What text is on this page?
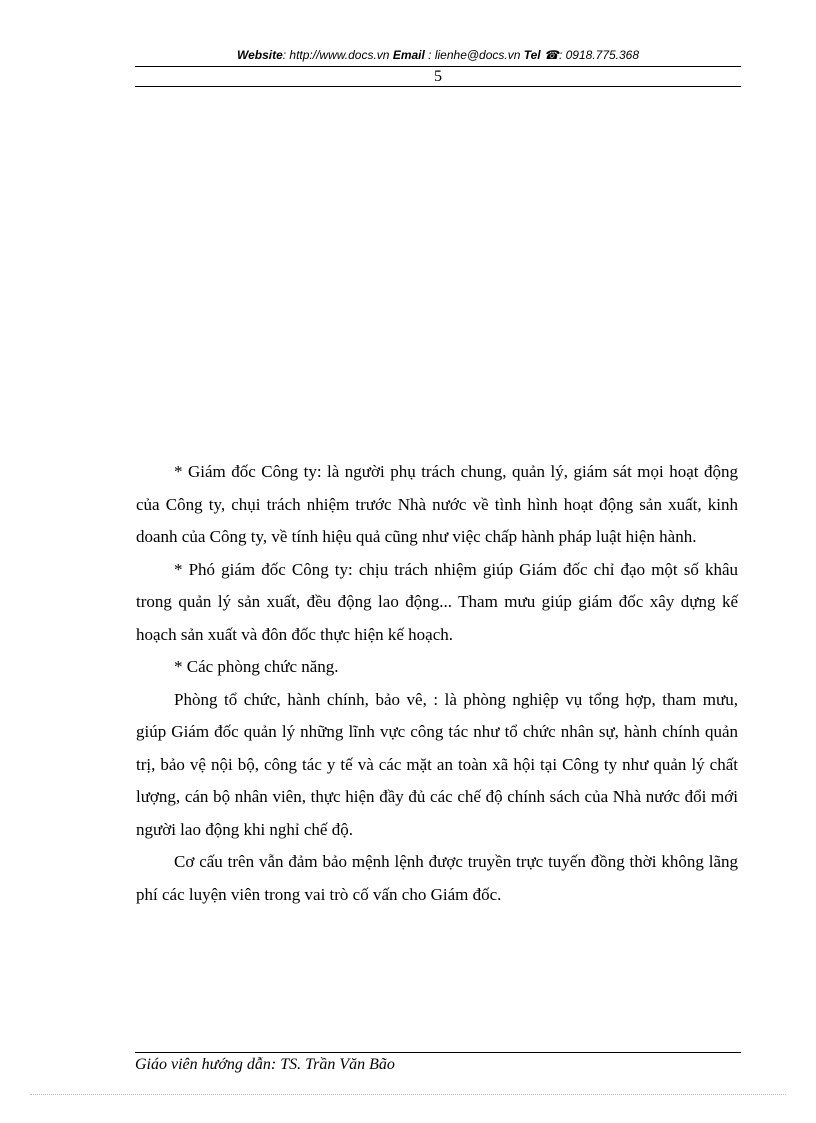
Website: http://www.docs.vn Email : lienhe@docs.vn Tel ☎: 0918.775.368
5

* Giám đốc Công ty: là người phụ trách chung, quản lý, giám sát mọi hoạt động của Công ty, chụi trách nhiệm trước Nhà nước về tình hình hoạt động sản xuất, kinh doanh của Công ty, về tính hiệu quả cũng như việc chấp hành pháp luật hiện hành.

* Phó giám đốc Công ty: chịu trách nhiệm giúp Giám đốc chỉ đạo một số khâu trong quản lý sản xuất, đều động lao động... Tham mưu giúp giám đốc xây dựng kế hoạch sản xuất và đôn đốc thực hiện kế hoạch.

* Các phòng chức năng.

Phòng tổ chức, hành chính, bảo vê, : là phòng nghiệp vụ tổng hợp, tham mưu, giúp Giám đốc quản lý những lĩnh vực công tác như tổ chức nhân sự, hành chính quản trị, bảo vệ nội bộ, công tác y tế và các mặt an toàn xã hội tại Công ty như quản lý chất lượng, cán bộ nhân viên, thực hiện đầy đủ các chế độ chính sách của Nhà nước đổi mới người lao động khi nghỉ chế độ.

Cơ cấu trên vẫn đảm bảo mệnh lệnh được truyền trực tuyến đồng thời không lãng phí các luyện viên trong vai trò cố vấn cho Giám đốc.

Giáo viên hướng dẫn: TS. Trần Văn Bão
